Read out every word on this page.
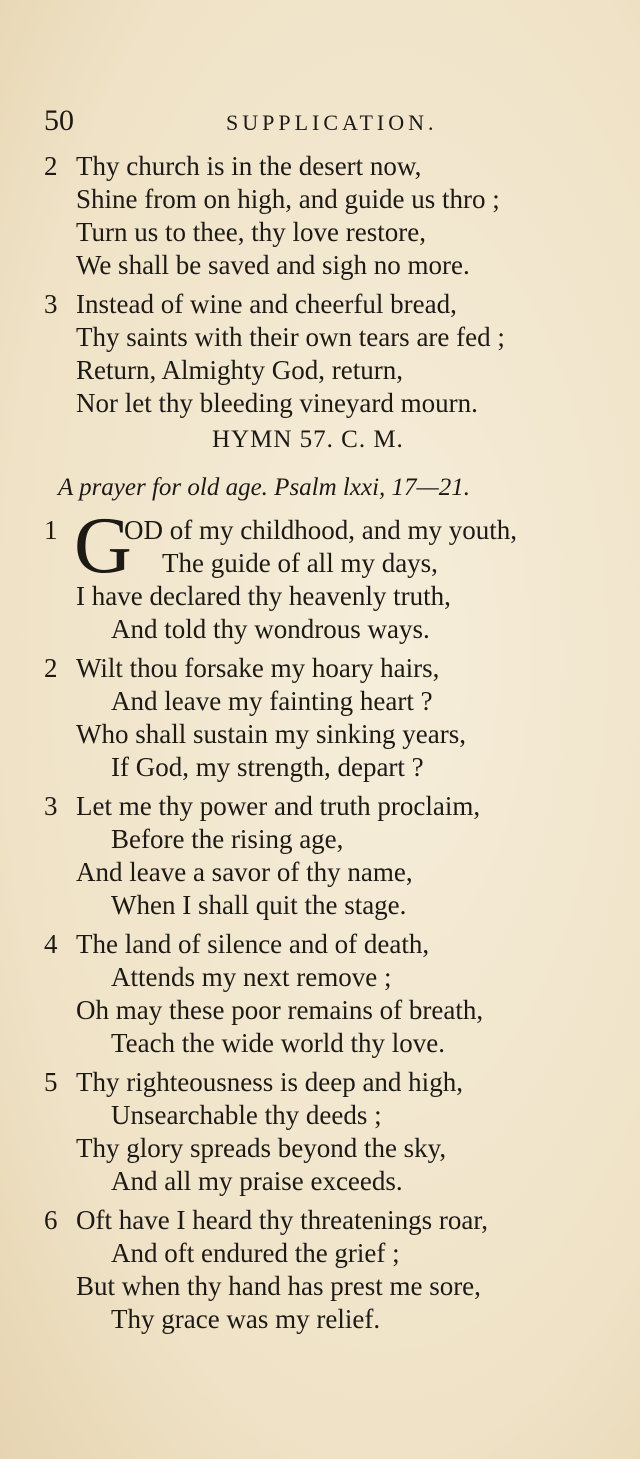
50	SUPPLICATION.
2 Thy church is in the desert now,
Shine from on high, and guide us thro ;
Turn us to thee, thy love restore,
We shall be saved and sigh no more.
3 Instead of wine and cheerful bread,
Thy saints with their own tears are fed ;
Return, Almighty God, return,
Nor let thy bleeding vineyard mourn.
HYMN 57. C. M.
A prayer for old age. Psalm lxxi, 17—21.
1 G
OD of my childhood, and my youth,
The guide of all my days,
I have declared thy heavenly truth,
And told thy wondrous ways.
2 Wilt thou forsake my hoary hairs,
And leave my fainting heart ?
Who shall sustain my sinking years,
If God, my strength, depart ?
3 Let me thy power and truth proclaim,
Before the rising age,
And leave a savor of thy name,
When I shall quit the stage.
4 The land of silence and of death,
Attends my next remove ;
Oh may these poor remains of breath,
Teach the wide world thy love.
5 Thy righteousness is deep and high,
Unsearchable thy deeds ;
Thy glory spreads beyond the sky,
And all my praise exceeds.
6 Oft have I heard thy threatenings roar,
And oft endured the grief ;
But when thy hand has prest me sore,
Thy grace was my relief.
